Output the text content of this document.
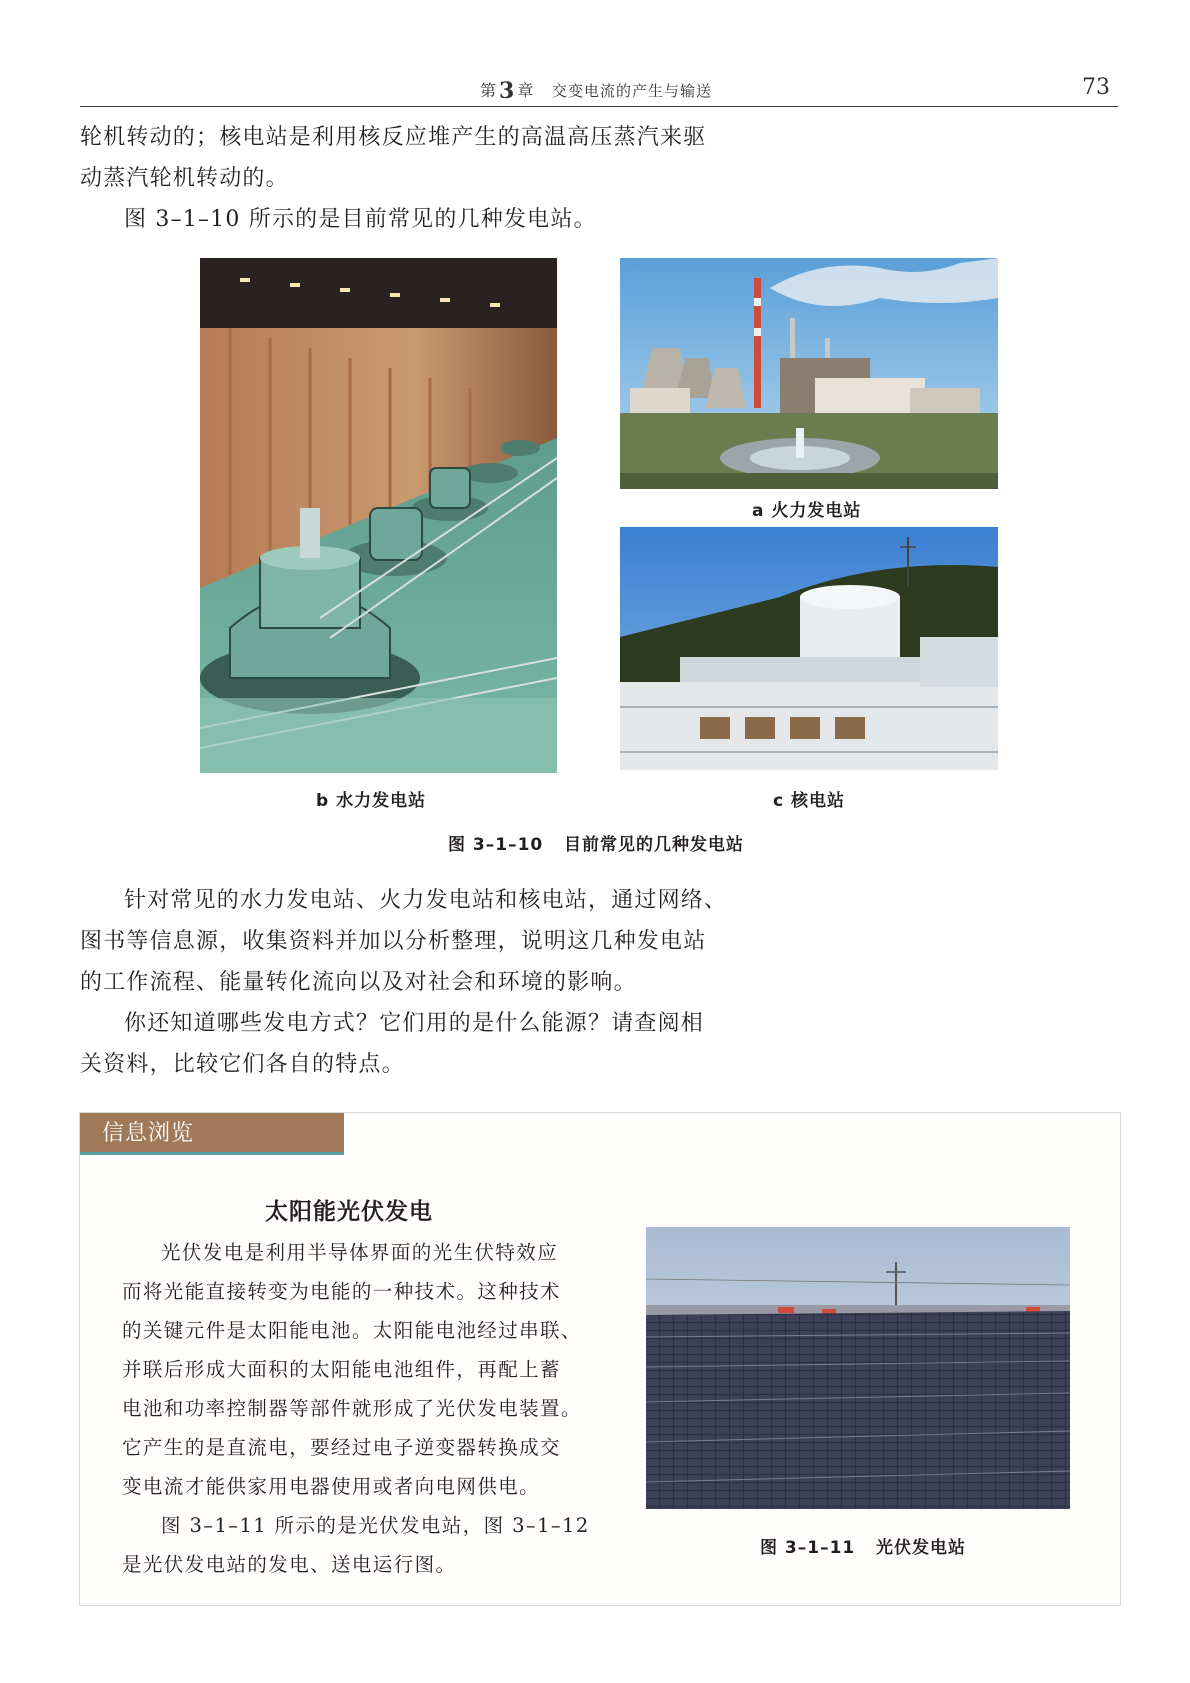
第3 章 交变电流的产生与输送	73

轮机转动的；核电站是利用核反应堆产生的高温高压蒸汽来驱

动蒸汽轮机转动的。

图 3–1–10 所示的是目前常见的几种发电站。

a 火力发电站
b 水力发电站	c 核电站
图 3–1–10   目前常见的几种发电站

针对常见的水力发电站、火力发电站和核电站，通过网络、

图书等信息源，收集资料并加以分析整理，说明这几种发电站

的工作流程、能量转化流向以及对社会和环境的影响。

你还知道哪些发电方式？它们用的是什么能源？请查阅相

关资料，比较它们各自的特点。

信息浏览
太阳能光伏发电

光伏发电是利用半导体界面的光生伏特效应

而将光能直接转变为电能的一种技术。这种技术

的关键元件是太阳能电池。太阳能电池经过串联、

并联后形成大面积的太阳能电池组件，再配上蓄

电池和功率控制器等部件就形成了光伏发电装置。

它产生的是直流电，要经过电子逆变器转换成交

变电流才能供家用电器使用或者向电网供电。

图 3–1–11 所示的是光伏发电站，图 3–1–12

是光伏发电站的发电、送电运行图。

图 3–1–11   光伏发电站
